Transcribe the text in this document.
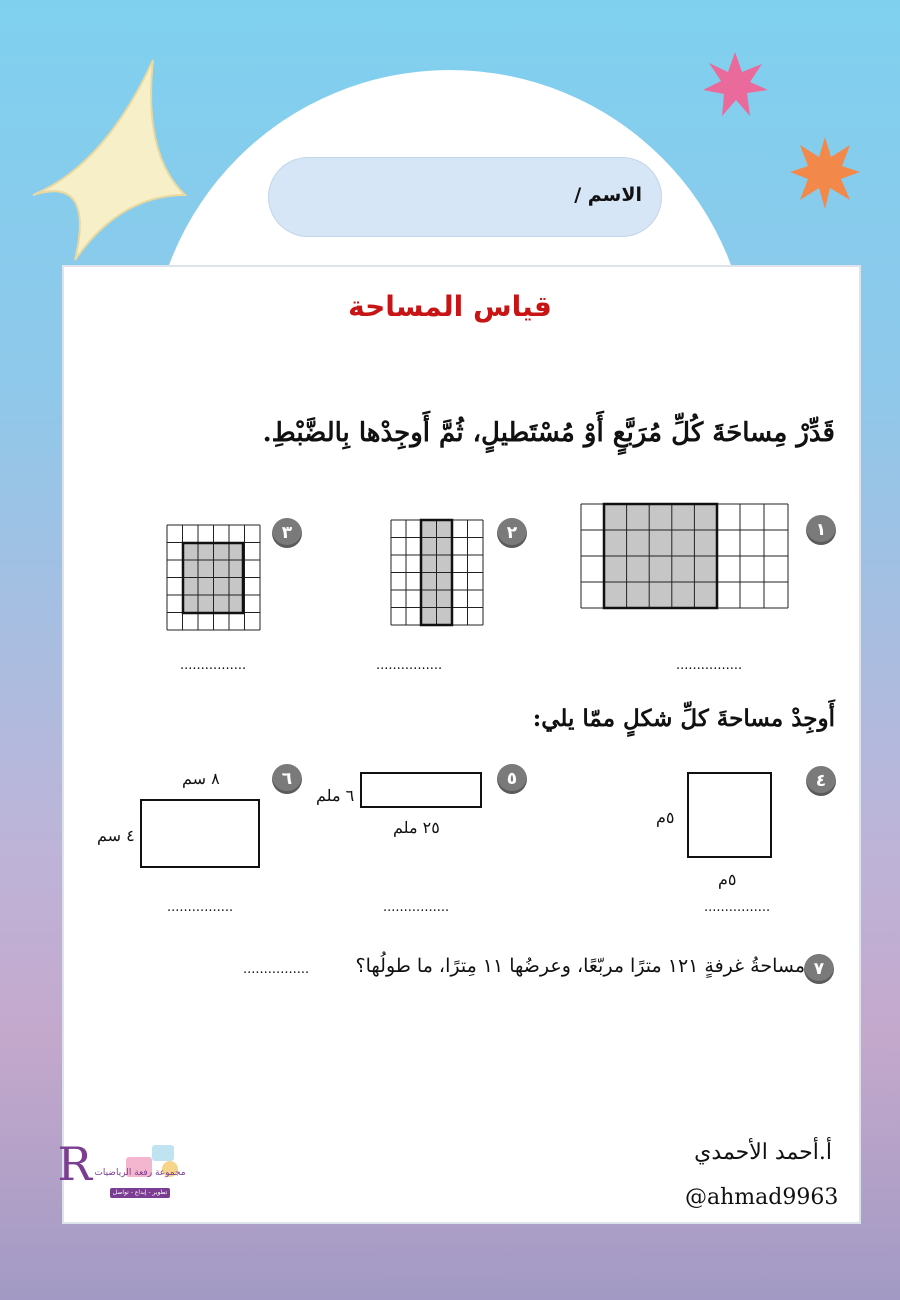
الاسم /
قياس المساحة
قَدِّرْ مِساحَةَ كُلِّ مُرَبَّعٍ أَوْ مُسْتَطيلٍ، ثُمَّ أَوجِدْها بِالضَّبْطِ.
١
................
٢
................
٣
................
أَوجِدْ مساحةَ كلِّ شكلٍ ممّا يلي:
٤
٥م
٥م
................
٥
٦ ملم
٢٥ ملم
................
٦
٨ سم
٤ سم
................
٧
مساحةُ غرفةٍ ١٢١ مترًا مربّعًا، وعرضُها ١١ مِترًا، ما طولُها؟
................
R مجموعة رفعة الرياضيات
تطوير - إبداع - تواصل
أ.أحمد الأحمدي
@ahmad9963
